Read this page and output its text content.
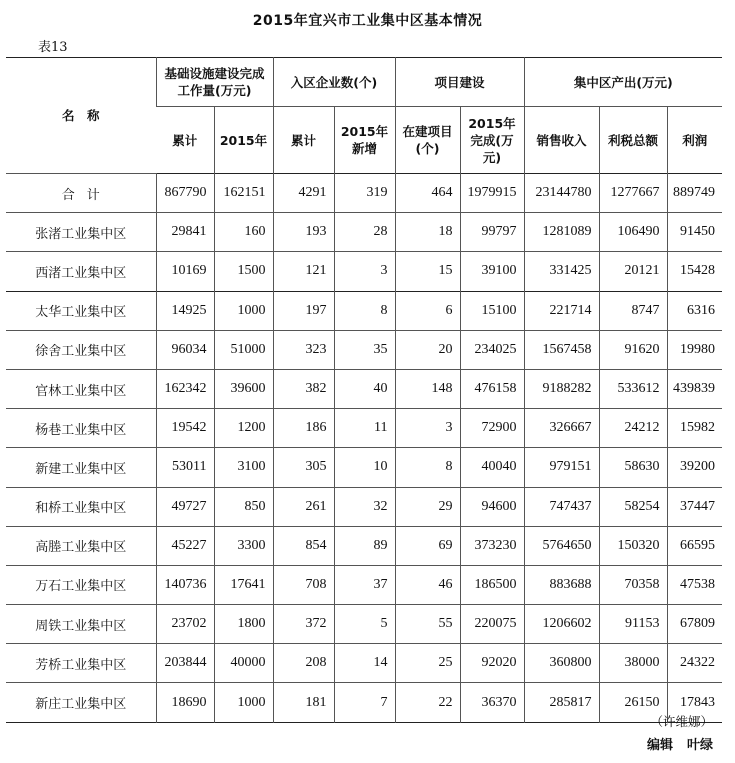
2015年宜兴市工业集中区基本情况
表13
名　称	基础设施建设完成工作量(万元)		入区企业数(个)		项目建设		集中区产出(万元)		
	累计	2015年	累计	2015年新增	在建项目(个)	2015年完成(万元)	销售收入	利税总额	利润
合计	867790	162151	4291	319	464	1979915	23144780	1277667	889749
张渚工业集中区	29841	160	193	28	18	99797	1281089	106490	91450
西渚工业集中区	10169	1500	121	3	15	39100	331425	20121	15428
太华工业集中区	14925	1000	197	8	6	15100	221714	8747	6316
徐舍工业集中区	96034	51000	323	35	20	234025	1567458	91620	19980
官林工业集中区	162342	39600	382	40	148	476158	9188282	533612	439839
杨巷工业集中区	19542	1200	186	11	3	72900	326667	24212	15982
新建工业集中区	53011	3100	305	10	8	40040	979151	58630	39200
和桥工业集中区	49727	850	261	32	29	94600	747437	58254	37447
高塍工业集中区	45227	3300	854	89	69	373230	5764650	150320	66595
万石工业集中区	140736	17641	708	37	46	186500	883688	70358	47538
周铁工业集中区	23702	1800	372	5	55	220075	1206602	91153	67809
芳桥工业集中区	203844	40000	208	14	25	92020	360800	38000	24322
新庄工业集中区	18690	1000	181	7	22	36370	285817	26150	17843
（许维娜）
编辑 叶绿
